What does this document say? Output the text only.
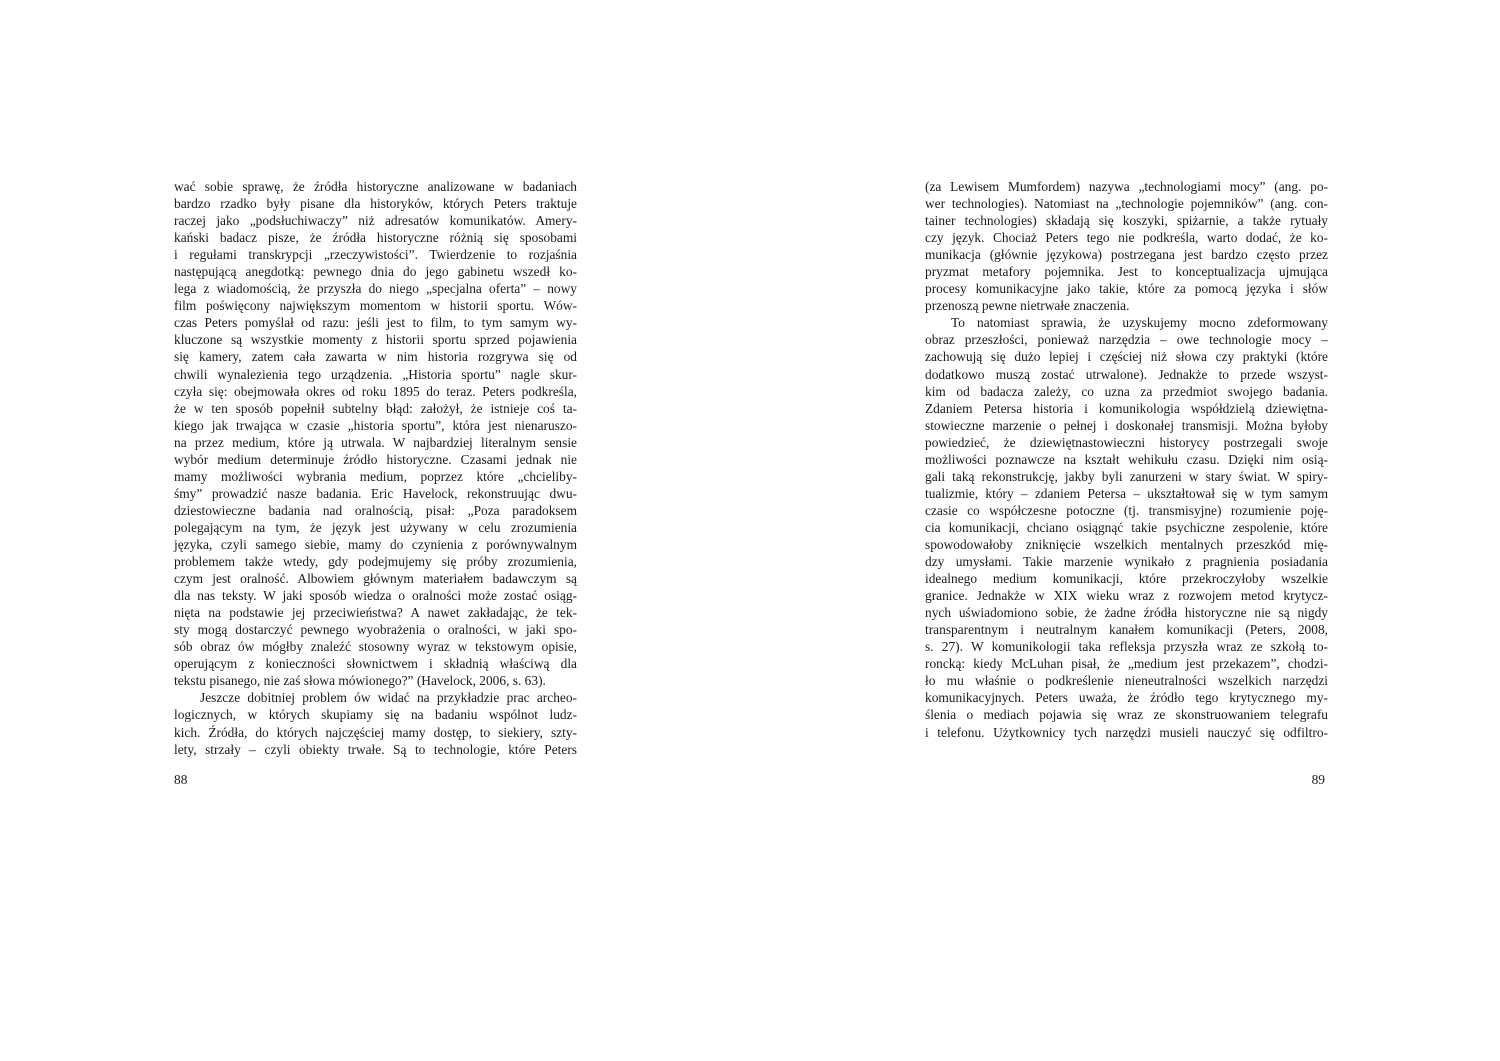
wać sobie sprawę, że źródła historyczne analizowane w badaniach
bardzo rzadko były pisane dla historyków, których Peters traktuje
raczej jako „podsłuchiwaczy” niż adresatów komunikatów. Amery-
kański badacz pisze, że źródła historyczne różnią się sposobami
i regułami transkrypcji „rzeczywistości”. Twierdzenie to rozjaśnia
następującą anegdotką: pewnego dnia do jego gabinetu wszedł ko-
lega z wiadomością, że przyszła do niego „specjalna oferta” – nowy
film poświęcony największym momentom w historii sportu. Wów-
czas Peters pomyślał od razu: jeśli jest to film, to tym samym wy-
kluczone są wszystkie momenty z historii sportu sprzed pojawienia
się kamery, zatem cała zawarta w nim historia rozgrywa się od
chwili wynalezienia tego urządzenia. „Historia sportu” nagle skur-
czyła się: obejmowała okres od roku 1895 do teraz. Peters podkreśla,
że w ten sposób popełnił subtelny błąd: założył, że istnieje coś ta-
kiego jak trwająca w czasie „historia sportu”, która jest nienaruszo-
na przez medium, które ją utrwala. W najbardziej literalnym sensie
wybór medium determinuje źródło historyczne. Czasami jednak nie
mamy możliwości wybrania medium, poprzez które „chcieliby-
śmy” prowadzić nasze badania. Eric Havelock, rekonstruując dwu-
dziestowieczne badania nad oralnością, pisał: „Poza paradoksem
polegającym na tym, że język jest używany w celu zrozumienia
języka, czyli samego siebie, mamy do czynienia z porównywalnym
problemem także wtedy, gdy podejmujemy się próby zrozumienia,
czym jest oralność. Albowiem głównym materiałem badawczym są
dla nas teksty. W jaki sposób wiedza o oralności może zostać osiąg-
nięta na podstawie jej przeciwieństwa? A nawet zakładając, że tek-
sty mogą dostarczyć pewnego wyobrażenia o oralności, w jaki spo-
sób obraz ów mógłby znaleźć stosowny wyraz w tekstowym opisie,
operującym z konieczności słownictwem i składnią właściwą dla
tekstu pisanego, nie zaś słowa mówionego?” (Havelock, 2006, s. 63).
Jeszcze dobitniej problem ów widać na przykładzie prac archeo-
logicznych, w których skupiamy się na badaniu wspólnot ludz-
kich. Źródła, do których najczęściej mamy dostęp, to siekiery, szty-
lety, strzały – czyli obiekty trwałe. Są to technologie, które Peters
88
(za Lewisem Mumfordem) nazywa „technologiami mocy” (ang. po-
wer technologies). Natomiast na „technologie pojemników” (ang. con-
tainer technologies) składają się koszyki, spiżarnie, a także rytuały
czy język. Chociaż Peters tego nie podkreśla, warto dodać, że ko-
munikacja (głównie językowa) postrzegana jest bardzo często przez
pryzmat metafory pojemnika. Jest to konceptualizacja ujmująca
procesy komunikacyjne jako takie, które za pomocą języka i słów
przenoszą pewne nietrwałe znaczenia.
To natomiast sprawia, że uzyskujemy mocno zdeformowany
obraz przeszłości, ponieważ narzędzia – owe technologie mocy –
zachowują się dużo lepiej i częściej niż słowa czy praktyki (które
dodatkowo muszą zostać utrwalone). Jednakże to przede wszyst-
kim od badacza zależy, co uzna za przedmiot swojego badania.
Zdaniem Petersa historia i komunikologia współdzielą dziewiętna-
stowieczne marzenie o pełnej i doskonałej transmisji. Można byłoby
powiedzieć, że dziewiętnastowieczni historycy postrzegali swoje
możliwości poznawcze na kształt wehikułu czasu. Dzięki nim osią-
gali taką rekonstrukcję, jakby byli zanurzeni w stary świat. W spiry-
tualizmie, który – zdaniem Petersa – ukształtował się w tym samym
czasie co współczesne potoczne (tj. transmisyjne) rozumienie poję-
cia komunikacji, chciano osiągnąć takie psychiczne zespolenie, które
spowodowałoby zniknięcie wszelkich mentalnych przeszkód mię-
dzy umysłami. Takie marzenie wynikało z pragnienia posiadania
idealnego medium komunikacji, które przekroczyłoby wszelkie
granice. Jednakże w XIX wieku wraz z rozwojem metod krytycz-
nych uświadomiono sobie, że żadne źródła historyczne nie są nigdy
transparentnym i neutralnym kanałem komunikacji (Peters, 2008,
s. 27). W komunikologii taka refleksja przyszła wraz ze szkołą to-
roncką: kiedy McLuhan pisał, że „medium jest przekazem”, chodzi-
ło mu właśnie o podkreślenie nieneutralności wszelkich narzędzi
komunikacyjnych. Peters uważa, że źródło tego krytycznego my-
ślenia o mediach pojawia się wraz ze skonstruowaniem telegrafu
i telefonu. Użytkownicy tych narzędzi musieli nauczyć się odfiltro-
89
